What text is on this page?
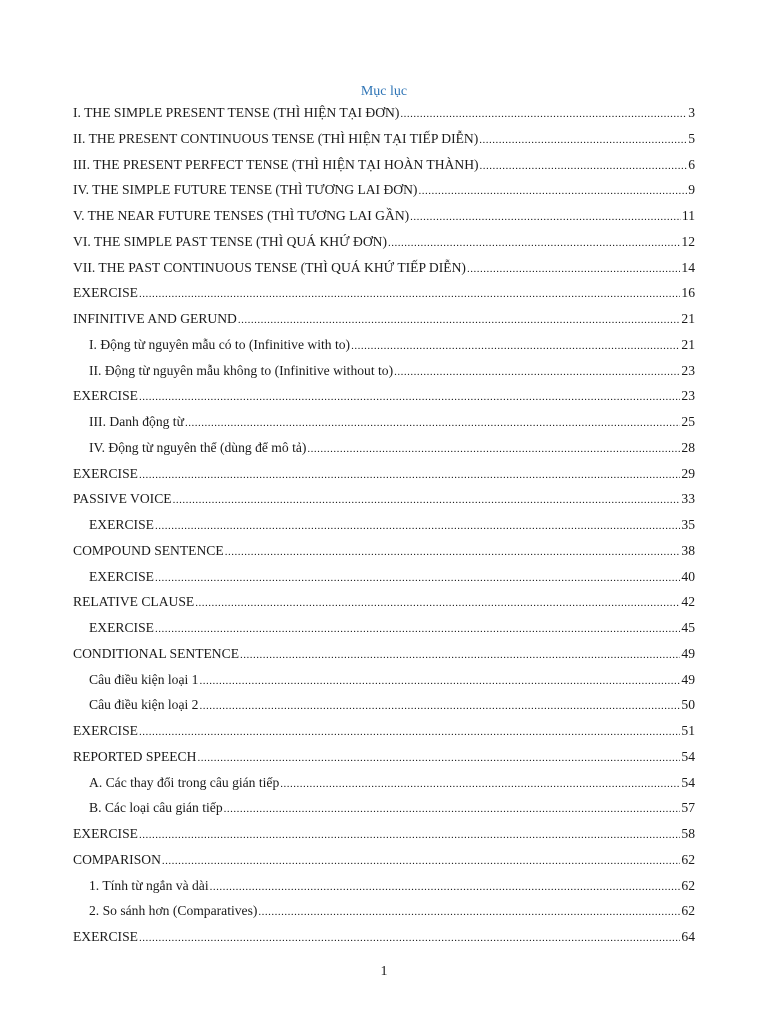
Mục lục
I. THE SIMPLE PRESENT TENSE (THÌ HIỆN TẠI ĐƠN) .....	3
II. THE PRESENT CONTINUOUS TENSE (THÌ HIỆN TẠI TIẾP DIỄN) .....	5
III. THE PRESENT PERFECT TENSE (THÌ HIỆN TẠI HOÀN THÀNH) .....	6
IV. THE SIMPLE FUTURE TENSE (THÌ TƯƠNG LAI ĐƠN) .....	9
V. THE NEAR FUTURE TENSES (THÌ TƯƠNG LAI GẦN) .....	11
VI. THE SIMPLE PAST TENSE (THÌ QUÁ KHỨ ĐƠN) .....	12
VII. THE PAST CONTINUOUS TENSE (THÌ QUÁ KHỨ TIẾP DIỄN) .....	14
EXERCISE .....	16
INFINITIVE AND GERUND .....	21
I. Động từ nguyên mẫu có to (Infinitive with to) .....	21
II. Động từ nguyên mẫu không to (Infinitive without to) .....	23
EXERCISE .....	23
III. Danh động từ .....	25
IV. Động từ nguyên thể (dùng để mô tả) .....	28
EXERCISE .....	29
PASSIVE VOICE .....	33
EXERCISE .....	35
COMPOUND SENTENCE .....	38
EXERCISE .....	40
RELATIVE CLAUSE .....	42
EXERCISE .....	45
CONDITIONAL SENTENCE .....	49
Câu điều kiện loại 1 .....	49
Câu điều kiện loại 2 .....	50
EXERCISE .....	51
REPORTED SPEECH .....	54
A. Các thay đổi trong câu gián tiếp .....	54
B. Các loại câu gián tiếp .....	57
EXERCISE .....	58
COMPARISON .....	62
1. Tính từ ngắn và dài .....	62
2. So sánh hơn (Comparatives) .....	62
EXERCISE .....	64
1
